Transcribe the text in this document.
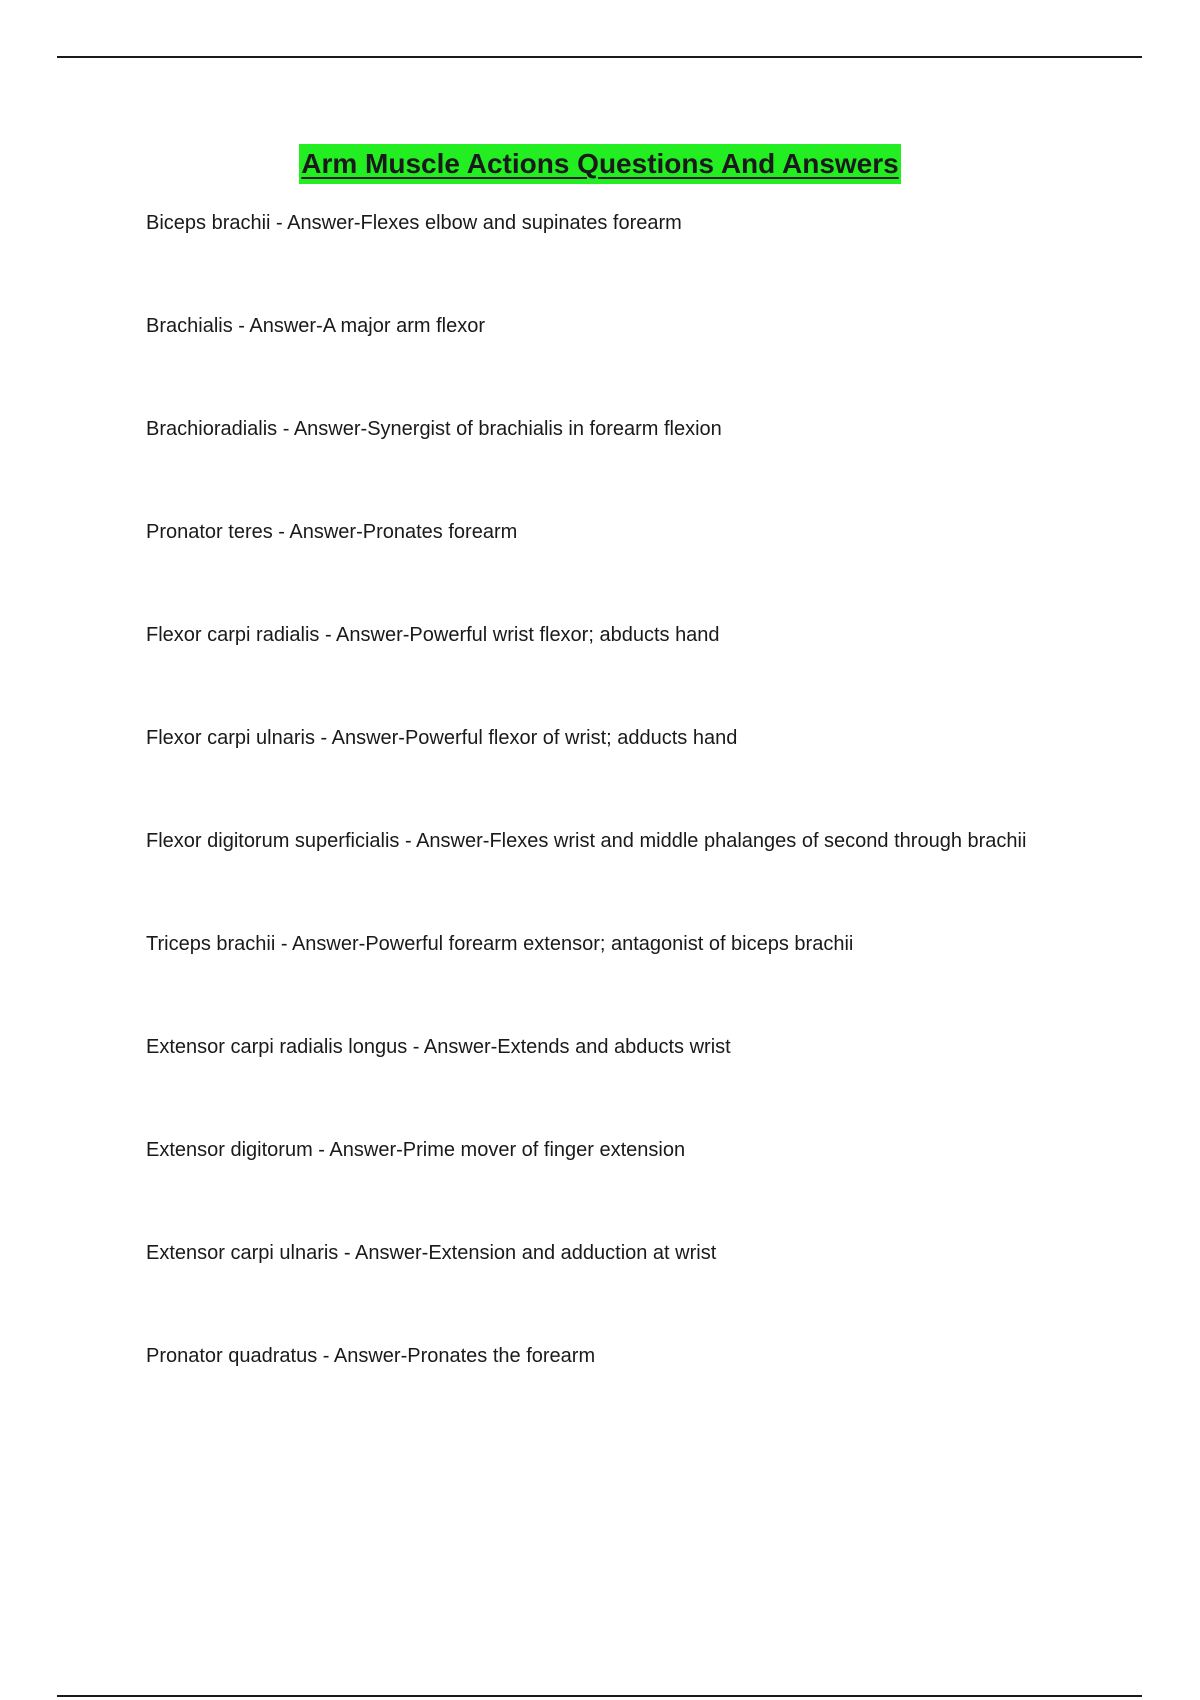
Arm Muscle Actions Questions And Answers
Biceps brachii - Answer-Flexes elbow and supinates forearm
Brachialis - Answer-A major arm flexor
Brachioradialis - Answer-Synergist of brachialis in forearm flexion
Pronator teres - Answer-Pronates forearm
Flexor carpi radialis - Answer-Powerful wrist flexor; abducts hand
Flexor carpi ulnaris - Answer-Powerful flexor of wrist; adducts hand
Flexor digitorum superficialis - Answer-Flexes wrist and middle phalanges of second through brachii
Triceps brachii - Answer-Powerful forearm extensor; antagonist of biceps brachii
Extensor carpi radialis longus - Answer-Extends and abducts wrist
Extensor digitorum - Answer-Prime mover of finger extension
Extensor carpi ulnaris - Answer-Extension and adduction at wrist
Pronator quadratus - Answer-Pronates the forearm
